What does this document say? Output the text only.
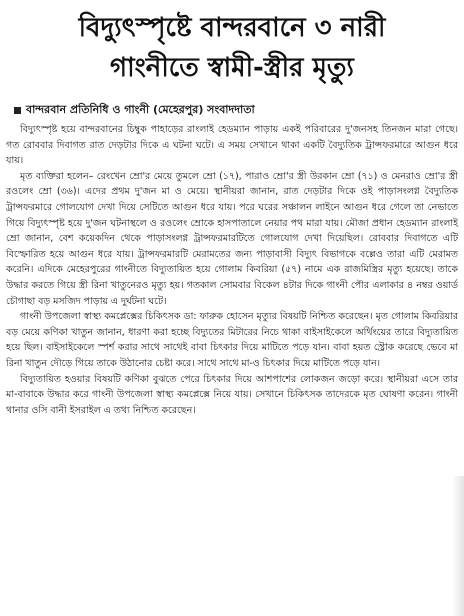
বিদ্যুৎস্পৃষ্টে বান্দরবানে ৩ নারী
গাংনীতে স্বামী-স্ত্রীর মৃত্যু
বান্দরবান প্রতিনিধি ও গাংনী (মেহেরপুর) সংবাদদাতা

বিদ্যুৎস্পৃষ্ট হয়ে বান্দরবানের চিম্বুক পাহাড়ের রাংলাই হেডম্যান পাড়ায় একই পরিবারের দু'জনসহ তিনজন মারা গেছে। গত রোববার দিবাগত রাত দেড়টার দিকে এ ঘটনা ঘটে। এ সময় সেখানে থাকা একটি বৈদ্যুতিক ট্রান্সফরমারে আগুন ধরে যায়।

মৃত ব্যক্তিরা হলেন– রেংখেন ম্রো'র মেয়ে তুমলে ম্রো (১৭), পারাও ম্রো'র স্ত্রী উরকান ম্রো (৭১) ও মেনরাও ম্রো'র স্ত্রী রওলেং ম্রো (৩৬)। এদের প্রথম দু'জন মা ও মেয়ে। স্থানীয়রা জানান, রাত দেড়টার দিকে ওই পাড়াসংলগ্ন বৈদ্যুতিক ট্রান্সফরমারে গোলযোগ দেখা দিয়ে সেটিতে আগুন ধরে যায়। পরে ঘরের সঞ্চালন লাইনে আগুন ধরে গেলে তা নেভাতে গিয়ে বিদ্যুৎস্পৃষ্ট হয়ে দু'জন ঘটনাস্থলে ও রওলেং ম্রোকে হাসপাতালে নেয়ার পথ মারা যায়। মৌজা প্রধান হেডম্যান রাংলাই ম্রো জানান, বেশ কয়েকদিন থেকে পাড়াসংলগ্ন ট্রান্সফরমারটিতে গোলযোগ দেখা দিয়েছিল। রোববার দিবাগতে এটি বিস্ফোরিত হয়ে আগুন ধরে যায়। ট্রান্সফরমারটি মেরামতের জন্য পাড়াবাসী বিদ্যুৎ বিভাগকে বল্লেও তারা এটি মেরামত করেনি। এদিকে মেহেরপুরের গাংনীতে বিদ্যুতায়িত হয়ে গোলাম কিবরিয়া (৫৭) নামে এক রাজমিস্ত্রির মৃত্যু হয়েছে। তাকে উদ্ধার করতে গিয়ে স্ত্রী রিনা খাতুনেরও মৃত্যু হয়। গতকাল সোমবার বিকেল ৪টার দিকে গাংনী পৌর এলাকার ৪ নম্বর ওয়ার্ড চৌগাছা বড় মসজিদ পাড়ায় এ দুর্ঘটনা ঘটে।

গাংনী উপজেলা স্বাস্থ্য কমপ্লেক্সের চিকিৎসক ডা: ফারুক হোসেন মৃত্যুর বিষয়টি নিশ্চিত করেছেন। মৃত গোলাম কিবরিয়ার বড় মেয়ে কণিকা খাতুন জানান, ধারণা করা হচ্ছে বিদ্যুতের মিটারের নিচে থাকা বাইসাইকেলে অর্থিংয়ের তারে বিদ্যুতায়িত হয়ে ছিল। বাইসাইকেলে স্পর্শ করার সাথে সাথেই বাবা চিৎকার দিয়ে মাটিতে পড়ে যান। বাবা হয়ত স্ট্রোক করেছে ভেবে মা রিনা খাতুন দৌড়ে গিয়ে তাকে উঠানোর চেষ্টা করে। সাথে সাথে মা-ও চিৎকার দিয়ে মাটিতে পড়ে যান।

বিদ্যুতায়িত হওয়ার বিষয়টি কণিকা বুঝতে পেরে চিৎকার দিয়ে আশপাশের লোকজন জড়ো করে। স্থানীয়রা এসে তার মা-বাবাকে উদ্ধার করে গাংনী উপজেলা স্বাস্থ্য কমপ্লেক্সে নিয়ে যায়। সেখানে চিকিৎসক তাদেরকে মৃত ঘোষণা করেন। গাংনী থানার ওসি বানী ইসরাইল এ তথ্য নিশ্চিত করেছেন।
